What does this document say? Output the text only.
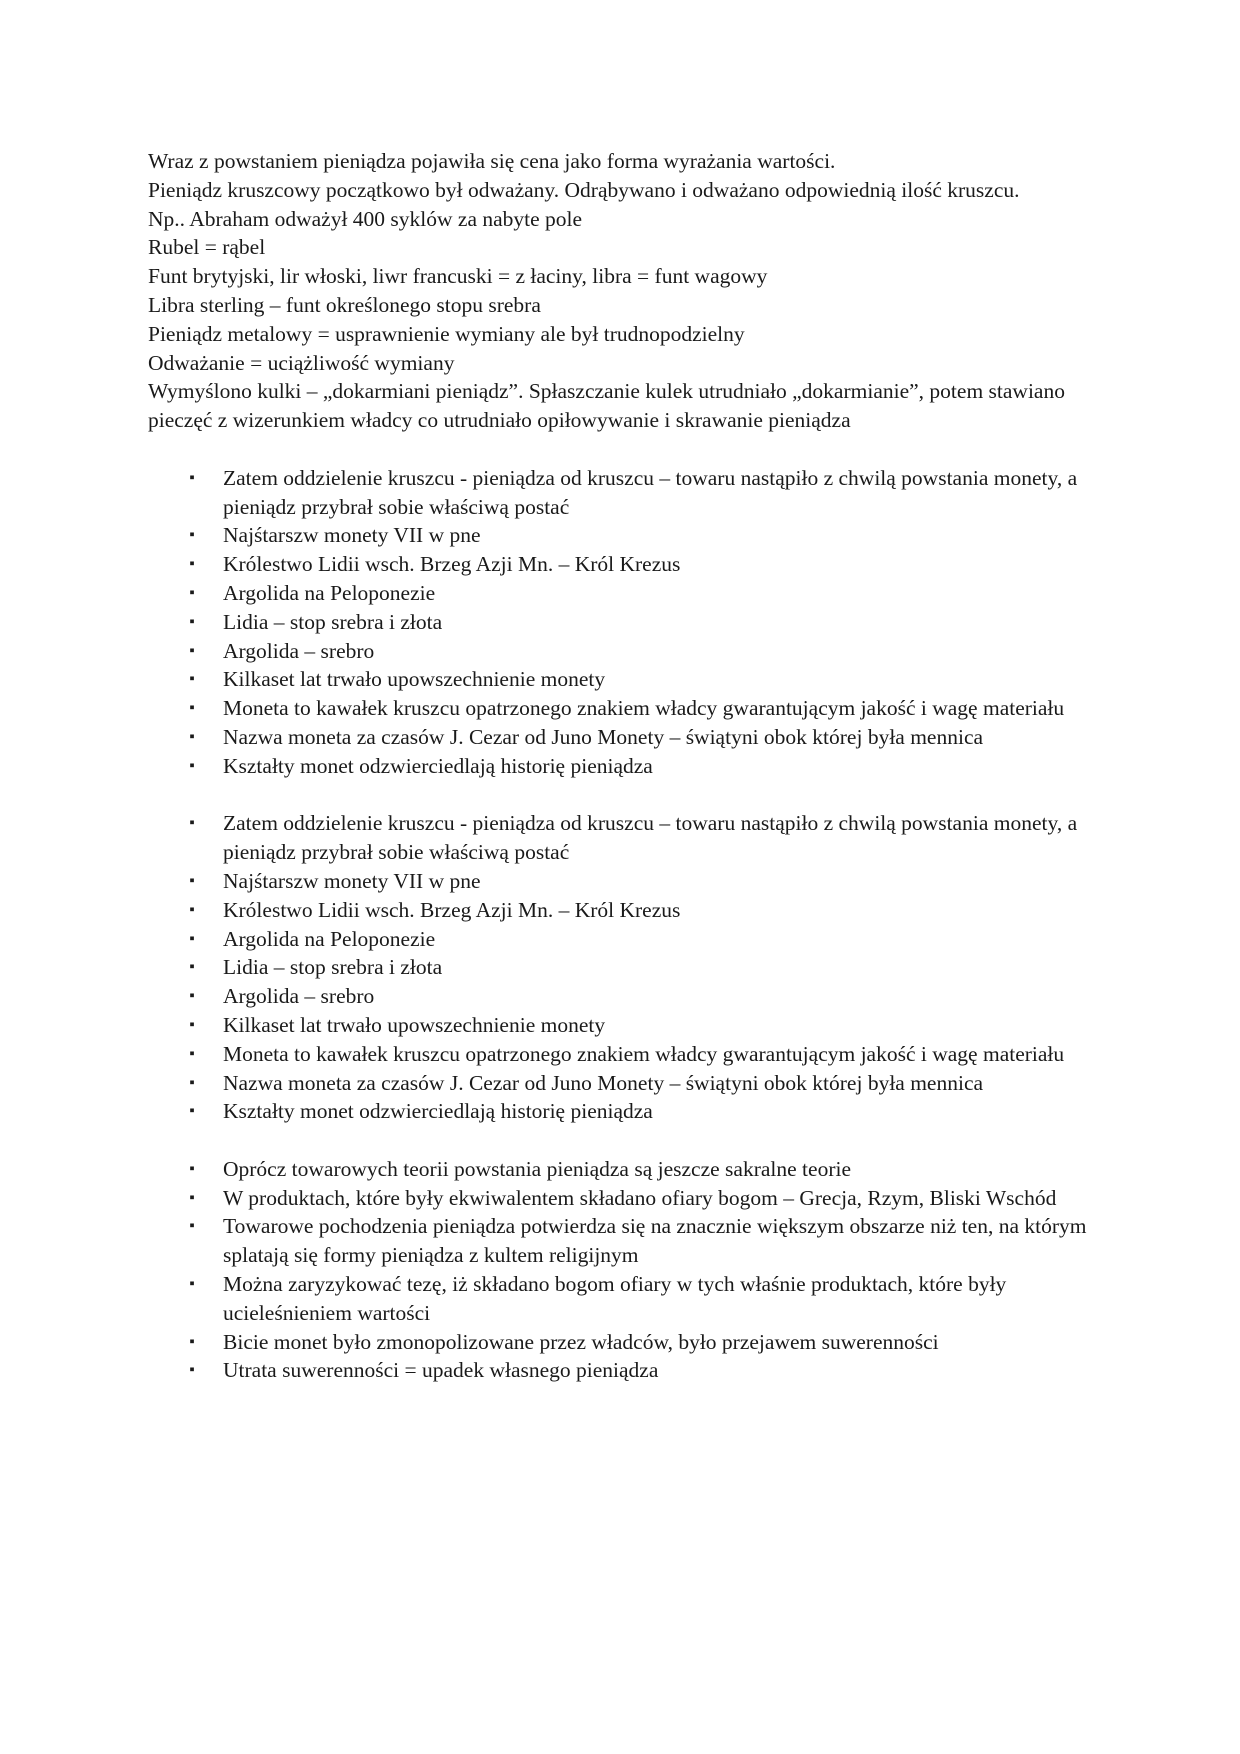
Wraz z powstaniem pieniądza pojawiła się cena jako forma wyrażania wartości.

Pieniądz kruszcowy początkowo był odważany. Odrąbywano i odważano odpowiednią ilość kruszcu.

Np.. Abraham odważył 400 syklów za nabyte pole

Rubel = rąbel

Funt brytyjski, lir włoski, liwr francuski = z łaciny, libra = funt wagowy

Libra sterling – funt określonego stopu srebra

Pieniądz metalowy = usprawnienie wymiany ale był trudnopodzielny

Odważanie = uciążliwość wymiany

Wymyślono kulki – „dokarmiani pieniądz”. Spłaszczanie kulek utrudniało „dokarmianie”, potem stawiano pieczęć z wizerunkiem władcy co utrudniało opiłowywanie i skrawanie pieniądza

▪ Zatem oddzielenie kruszcu - pieniądza od kruszcu – towaru nastąpiło z chwilą powstania monety, a pieniądz przybrał sobie właściwą postać
▪ Najśtarszw monety VII w pne
▪ Królestwo Lidii wsch. Brzeg Azji Mn. – Król Krezus
▪ Argolida na Peloponezie
▪ Lidia – stop srebra i złota
▪ Argolida – srebro
▪ Kilkaset lat trwało upowszechnienie monety
▪ Moneta to kawałek kruszcu opatrzonego znakiem władcy gwarantującym jakość i wagę materiału
▪ Nazwa moneta za czasów J. Cezar od Juno Monety – świątyni obok której była mennica
▪ Kształty monet odzwierciedlają historię pieniądza
▪ Zatem oddzielenie kruszcu - pieniądza od kruszcu – towaru nastąpiło z chwilą powstania monety, a pieniądz przybrał sobie właściwą postać
▪ Najśtarszw monety VII w pne
▪ Królestwo Lidii wsch. Brzeg Azji Mn. – Król Krezus
▪ Argolida na Peloponezie
▪ Lidia – stop srebra i złota
▪ Argolida – srebro
▪ Kilkaset lat trwało upowszechnienie monety
▪ Moneta to kawałek kruszcu opatrzonego znakiem władcy gwarantującym jakość i wagę materiału
▪ Nazwa moneta za czasów J. Cezar od Juno Monety – świątyni obok której była mennica
▪ Kształty monet odzwierciedlają historię pieniądza
▪ Oprócz towarowych teorii powstania pieniądza są jeszcze sakralne teorie
▪ W produktach, które były ekwiwalentem składano ofiary bogom – Grecja, Rzym, Bliski Wschód
▪ Towarowe pochodzenia pieniądza potwierdza się na znacznie większym obszarze niż ten, na którym splatają się formy pieniądza z kultem religijnym
▪ Można zaryzykować tezę, iż składano bogom ofiary w tych właśnie produktach, które były ucieleśnieniem wartości
▪ Bicie monet było zmonopolizowane przez władców, było przejawem suwerenności
▪ Utrata suwerenności = upadek własnego pieniądza
